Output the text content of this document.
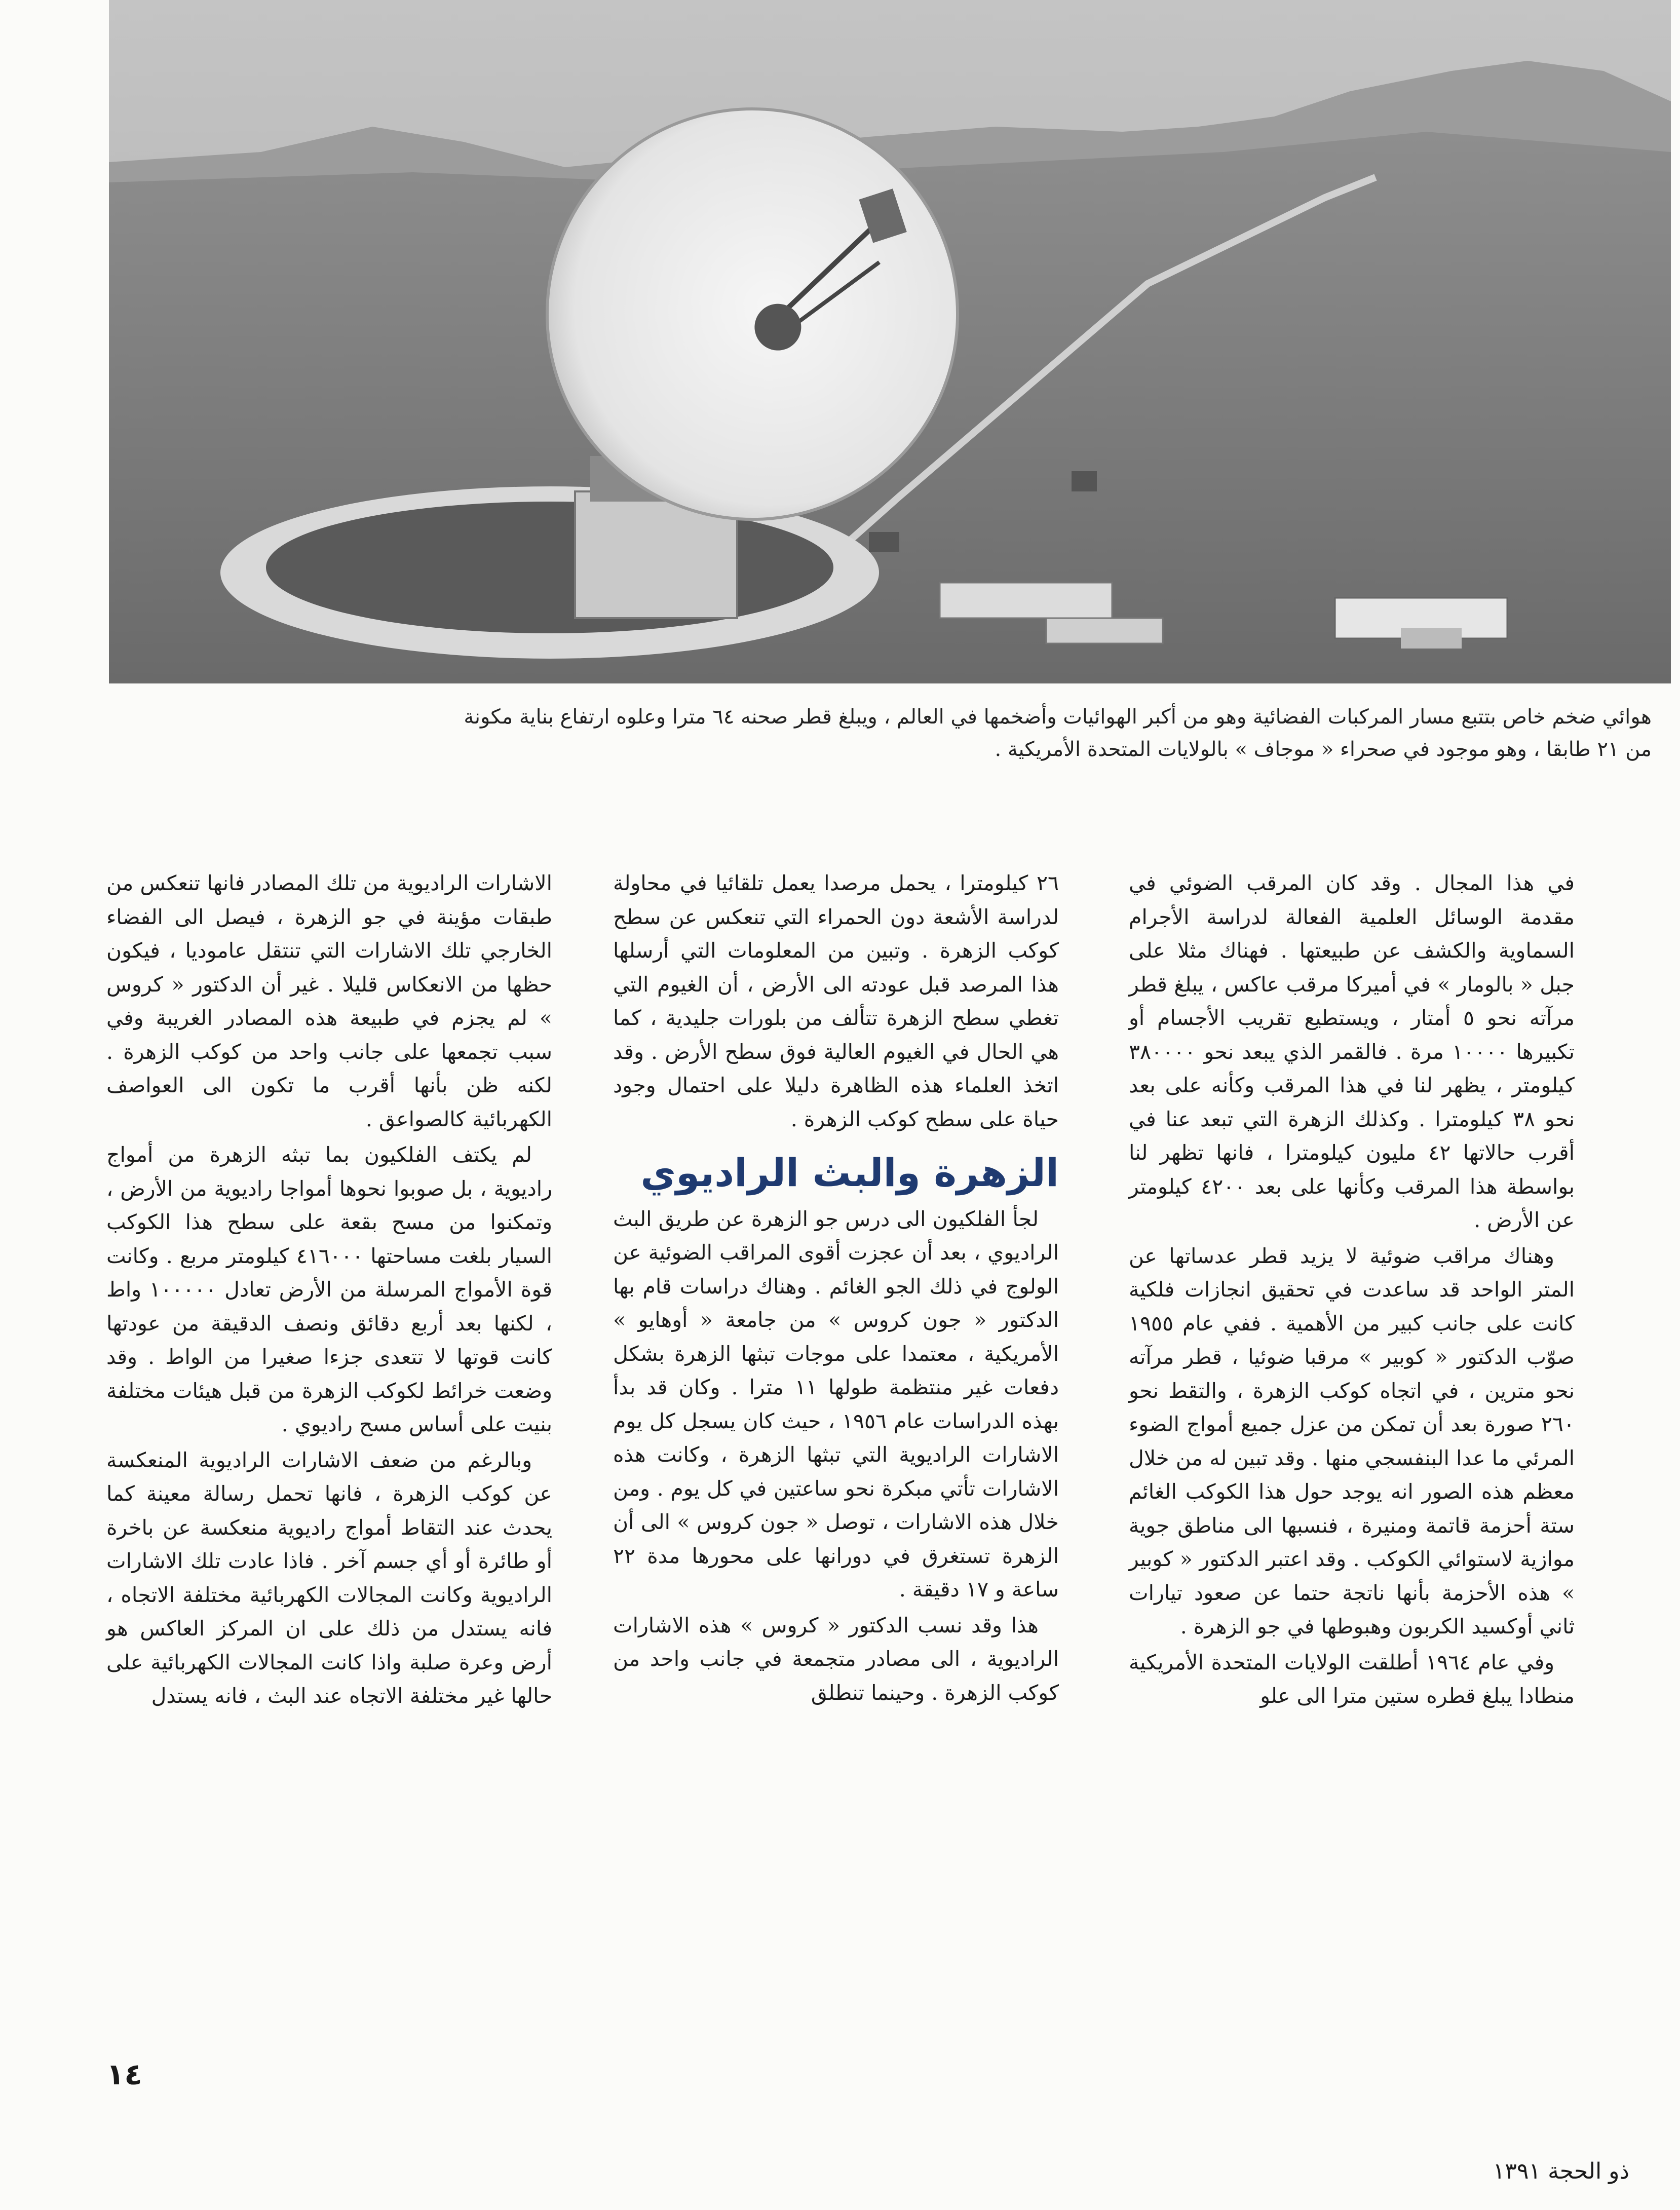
هوائي ضخم خاص بتتبع مسار المركبات الفضائية وهو من أكبر الهوائيات وأضخمها في العالم ، ويبلغ قطر صحنه ٦٤ مترا وعلوه ارتفاع بناية مكونة

من ٢١ طابقا ، وهو موجود في صحراء « موجاف » بالولايات المتحدة الأمريكية .

في هذا المجال . وقد كان المرقب الضوئي في مقدمة الوسائل العلمية الفعالة لدراسة الأجرام السماوية والكشف عن طبيعتها . فهناك مثلا على جبل « بالومار » في أميركا مرقب عاكس ، يبلغ قطر مرآته نحو ٥ أمتار ، ويستطيع تقريب الأجسام أو تكبيرها ١٠٠٠٠ مرة . فالقمر الذي يبعد نحو ٣٨٠٠٠٠ كيلومتر ، يظهر لنا في هذا المرقب وكأنه على بعد نحو ٣٨ كيلومترا . وكذلك الزهرة التي تبعد عنا في أقرب حالاتها ٤٢ مليون كيلومترا ، فانها تظهر لنا بواسطة هذا المرقب وكأنها على بعد ٤٢٠٠ كيلومتر عن الأرض .

وهناك مراقب ضوئية لا يزيد قطر عدساتها عن المتر الواحد قد ساعدت في تحقيق انجازات فلكية كانت على جانب كبير من الأهمية . ففي عام ١٩٥٥ صوّب الدكتور « كوبير » مرقبا ضوئيا ، قطر مرآته نحو مترين ، في اتجاه كوكب الزهرة ، والتقط نحو ٢٦٠ صورة بعد أن تمكن من عزل جميع أمواج الضوء المرئي ما عدا البنفسجي منها . وقد تبين له من خلال معظم هذه الصور انه يوجد حول هذا الكوكب الغائم ستة أحزمة قاتمة ومنيرة ، فنسبها الى مناطق جوية موازية لاستوائي الكوكب . وقد اعتبر الدكتور « كوبير » هذه الأحزمة بأنها ناتجة حتما عن صعود تيارات ثاني أوكسيد الكربون وهبوطها في جو الزهرة .

وفي عام ١٩٦٤ أطلقت الولايات المتحدة الأمريكية منطادا يبلغ قطره ستين مترا الى علو

٢٦ كيلومترا ، يحمل مرصدا يعمل تلقائيا في محاولة لدراسة الأشعة دون الحمراء التي تنعكس عن سطح كوكب الزهرة . وتبين من المعلومات التي أرسلها هذا المرصد قبل عودته الى الأرض ، أن الغيوم التي تغطي سطح الزهرة تتألف من بلورات جليدية ، كما هي الحال في الغيوم العالية فوق سطح الأرض . وقد اتخذ العلماء هذه الظاهرة دليلا على احتمال وجود حياة على سطح كوكب الزهرة .

الزهرة والبث الراديوي

لجأ الفلكيون الى درس جو الزهرة عن طريق البث الراديوي ، بعد أن عجزت أقوى المراقب الضوئية عن الولوج في ذلك الجو الغائم . وهناك دراسات قام بها الدكتور « جون كروس » من جامعة « أوهايو » الأمريكية ، معتمدا على موجات تبثها الزهرة بشكل دفعات غير منتظمة طولها ١١ مترا . وكان قد بدأ بهذه الدراسات عام ١٩٥٦ ، حيث كان يسجل كل يوم الاشارات الراديوية التي تبثها الزهرة ، وكانت هذه الاشارات تأتي مبكرة نحو ساعتين في كل يوم . ومن خلال هذه الاشارات ، توصل « جون كروس » الى أن الزهرة تستغرق في دورانها على محورها مدة ٢٢ ساعة و ١٧ دقيقة .

هذا وقد نسب الدكتور « كروس » هذه الاشارات الراديوية ، الى مصادر متجمعة في جانب واحد من كوكب الزهرة . وحينما تنطلق

الاشارات الراديوية من تلك المصادر فانها تنعكس من طبقات مؤينة في جو الزهرة ، فيصل الى الفضاء الخارجي تلك الاشارات التي تنتقل عاموديا ، فيكون حظها من الانعكاس قليلا . غير أن الدكتور « كروس » لم يجزم في طبيعة هذه المصادر الغريبة وفي سبب تجمعها على جانب واحد من كوكب الزهرة . لكنه ظن بأنها أقرب ما تكون الى العواصف الكهربائية كالصواعق .

لم يكتف الفلكيون بما تبثه الزهرة من أمواج راديوية ، بل صوبوا نحوها أمواجا راديوية من الأرض ، وتمكنوا من مسح بقعة على سطح هذا الكوكب السيار بلغت مساحتها ٤١٦٠٠٠ كيلومتر مربع . وكانت قوة الأمواج المرسلة من الأرض تعادل ١٠٠٠٠٠ واط ، لكنها بعد أربع دقائق ونصف الدقيقة من عودتها كانت قوتها لا تتعدى جزءا صغيرا من الواط . وقد وضعت خرائط لكوكب الزهرة من قبل هيئات مختلفة بنيت على أساس مسح راديوي .

وبالرغم من ضعف الاشارات الراديوية المنعكسة عن كوكب الزهرة ، فانها تحمل رسالة معينة كما يحدث عند التقاط أمواج راديوية منعكسة عن باخرة أو طائرة أو أي جسم آخر . فاذا عادت تلك الاشارات الراديوية وكانت المجالات الكهربائية مختلفة الاتجاه ، فانه يستدل من ذلك على ان المركز العاكس هو أرض وعرة صلبة واذا كانت المجالات الكهربائية على حالها غير مختلفة الاتجاه عند البث ، فانه يستدل

١٤
ذو الحجة ١٣٩١
